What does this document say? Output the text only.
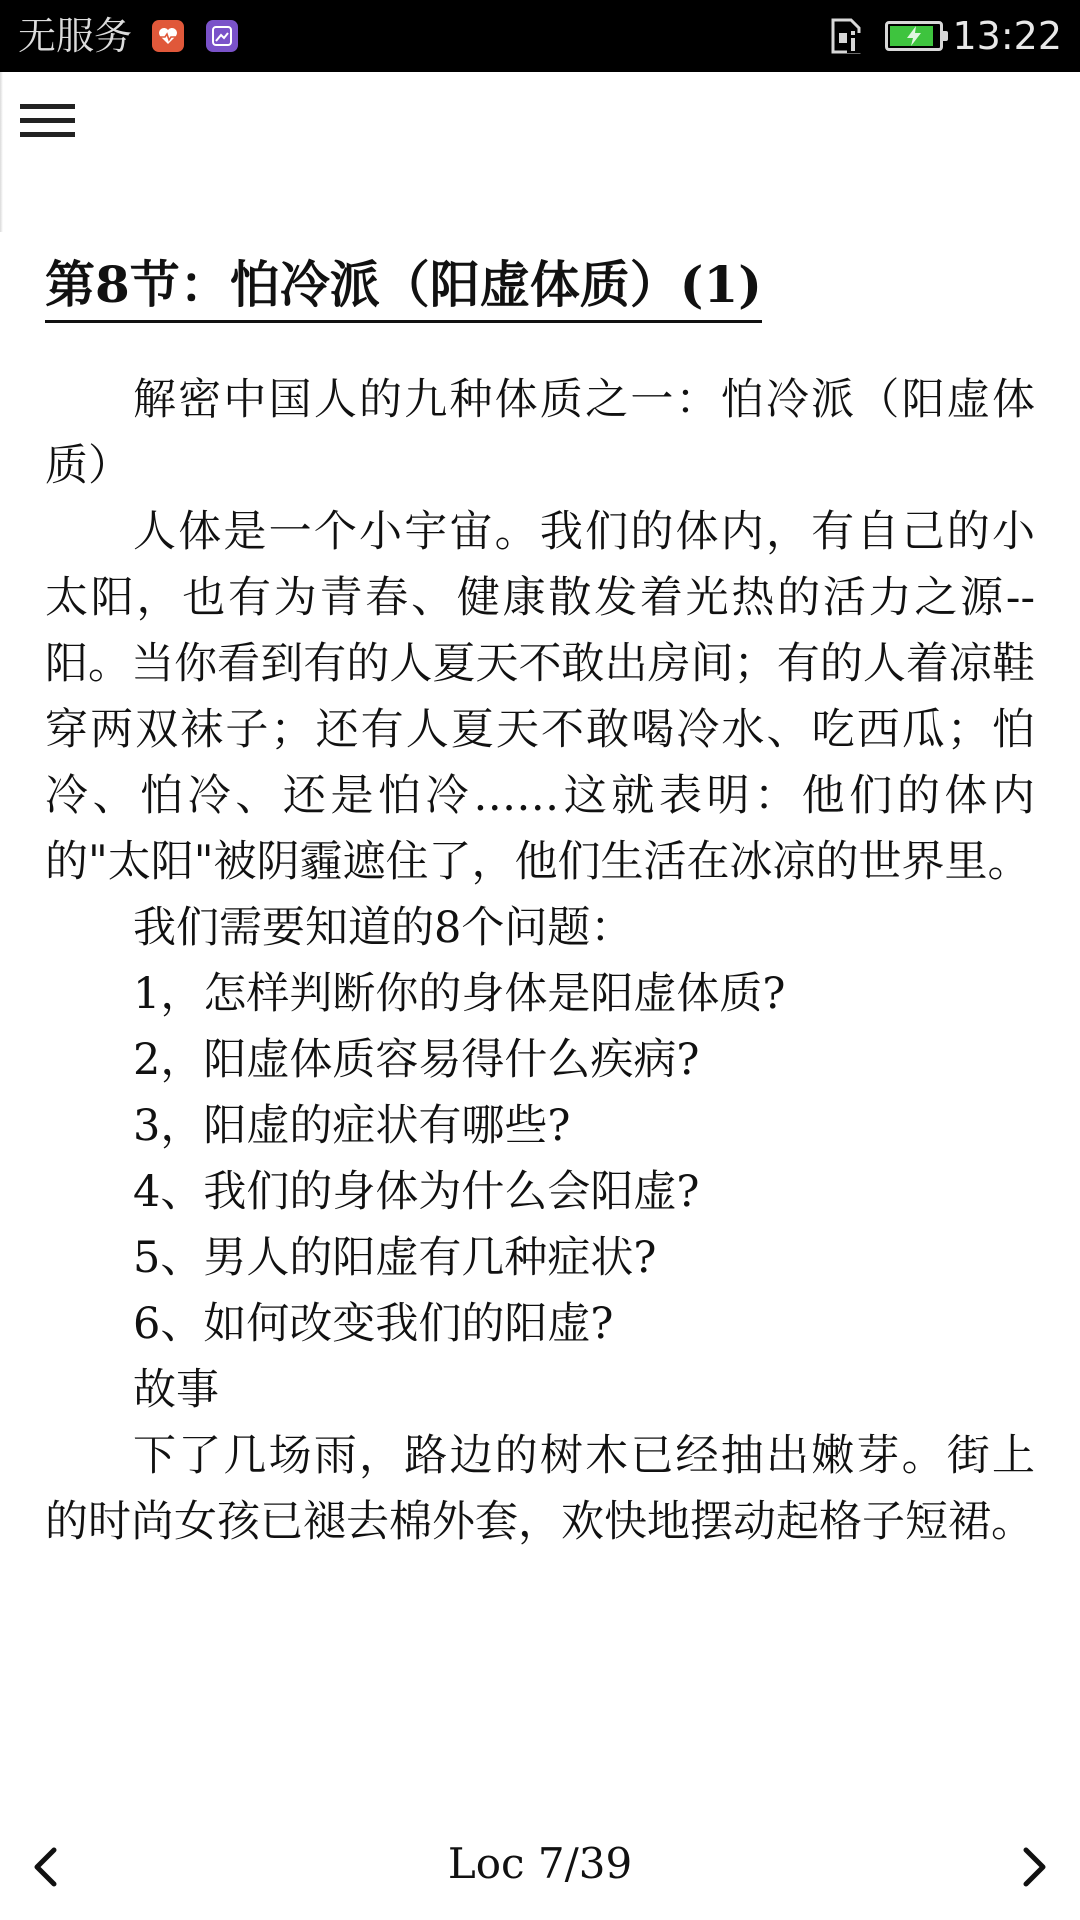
无服务	13:22
第8节：怕冷派（阳虚体质）(1)

解密中国人的九种体质之一：怕冷派（阳虚体质）

人体是一个小宇宙。我们的体内，有自己的小太阳，也有为青春、健康散发着光热的活力之源--阳。当你看到有的人夏天不敢出房间；有的人着凉鞋穿两双袜子；还有人夏天不敢喝冷水、吃西瓜；怕冷、怕冷、还是怕冷……这就表明：他们的体内的"太阳"被阴霾遮住了，他们生活在冰凉的世界里。

我们需要知道的8个问题：

1，怎样判断你的身体是阳虚体质?

2，阳虚体质容易得什么疾病?

3，阳虚的症状有哪些?

4、我们的身体为什么会阳虚?

5、男人的阳虚有几种症状?

6、如何改变我们的阳虚?

故事

下了几场雨，路边的树木已经抽出嫩芽。街上的时尚女孩已褪去棉外套，欢快地摆动起格子短裙。

Loc 7/39
